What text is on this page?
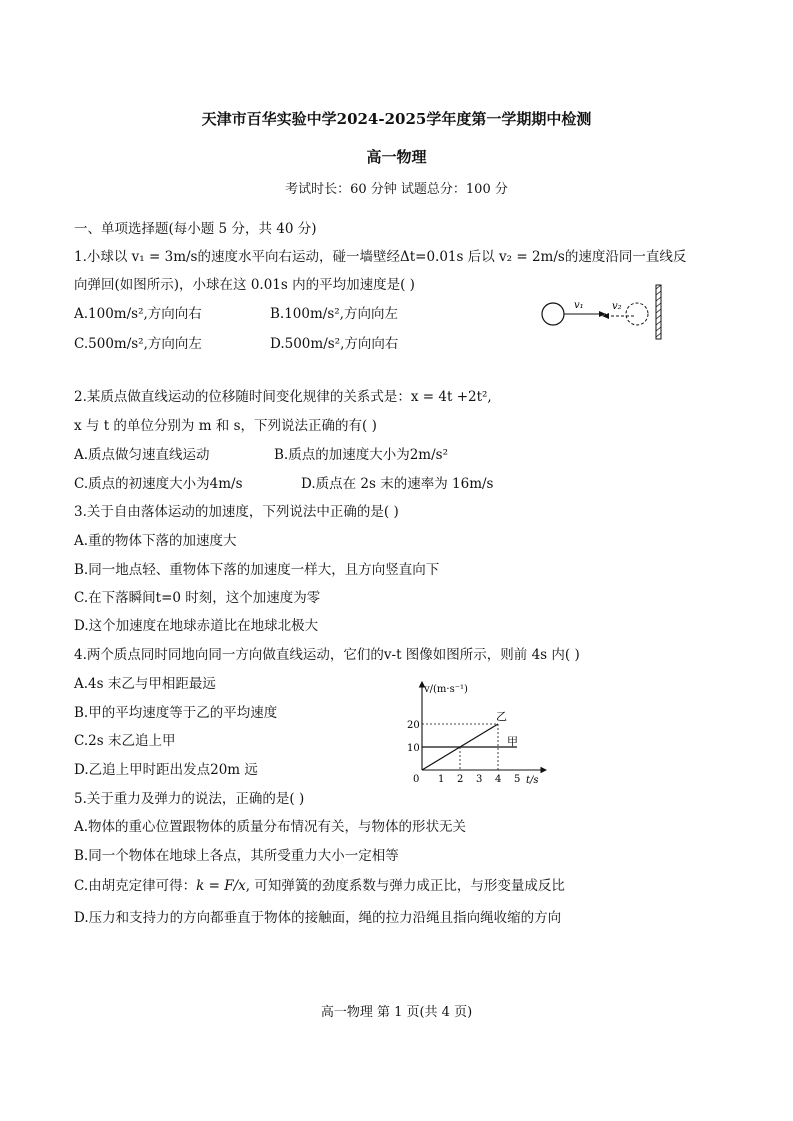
天津市百华实验中学2024-2025学年度第一学期期中检测
高一物理
考试时长：60 分钟 试题总分：100 分
一、单项选择题(每小题 5 分，共 40 分)
1.小球以 v₁ = 3m/s的速度水平向右运动，碰一墙壁经Δt=0.01s 后以 v₂ = 2m/s的速度沿同一直线反
向弹回(如图所示)，小球在这 0.01s 内的平均加速度是( )
A.100m/s²,方向向右	B.100m/s²,方向向左
C.500m/s²,方向向左	D.500m/s²,方向向右
v₁	v₂
2.某质点做直线运动的位移随时间变化规律的关系式是：x = 4t +2t²,
x 与 t 的单位分别为 m 和 s，下列说法正确的有( )
A.质点做匀速直线运动	B.质点的加速度大小为2m/s²
C.质点的初速度大小为4m/s	D.质点在 2s 末的速率为 16m/s
3.关于自由落体运动的加速度，下列说法中正确的是( )
A.重的物体下落的加速度大
B.同一地点轻、重物体下落的加速度一样大，且方向竖直向下
C.在下落瞬间t=0 时刻，这个加速度为零
D.这个加速度在地球赤道比在地球北极大
4.两个质点同时同地向同一方向做直线运动，它们的v-t 图像如图所示，则前 4s 内( )
A.4s 末乙与甲相距最远
B.甲的平均速度等于乙的平均速度
C.2s 末乙追上甲
D.乙追上甲时距出发点20m 远
v/(m·s⁻¹)
t/s
0 1 2 3 4 5
10
20
甲
乙
5.关于重力及弹力的说法，正确的是( )
A.物体的重心位置跟物体的质量分布情况有关，与物体的形状无关
B.同一个物体在地球上各点，其所受重力大小一定相等
C.由胡克定律可得：k = F/x, 可知弹簧的劲度系数与弹力成正比，与形变量成反比
D.压力和支持力的方向都垂直于物体的接触面，绳的拉力沿绳且指向绳收缩的方向
高一物理 第 1 页(共 4 页)
